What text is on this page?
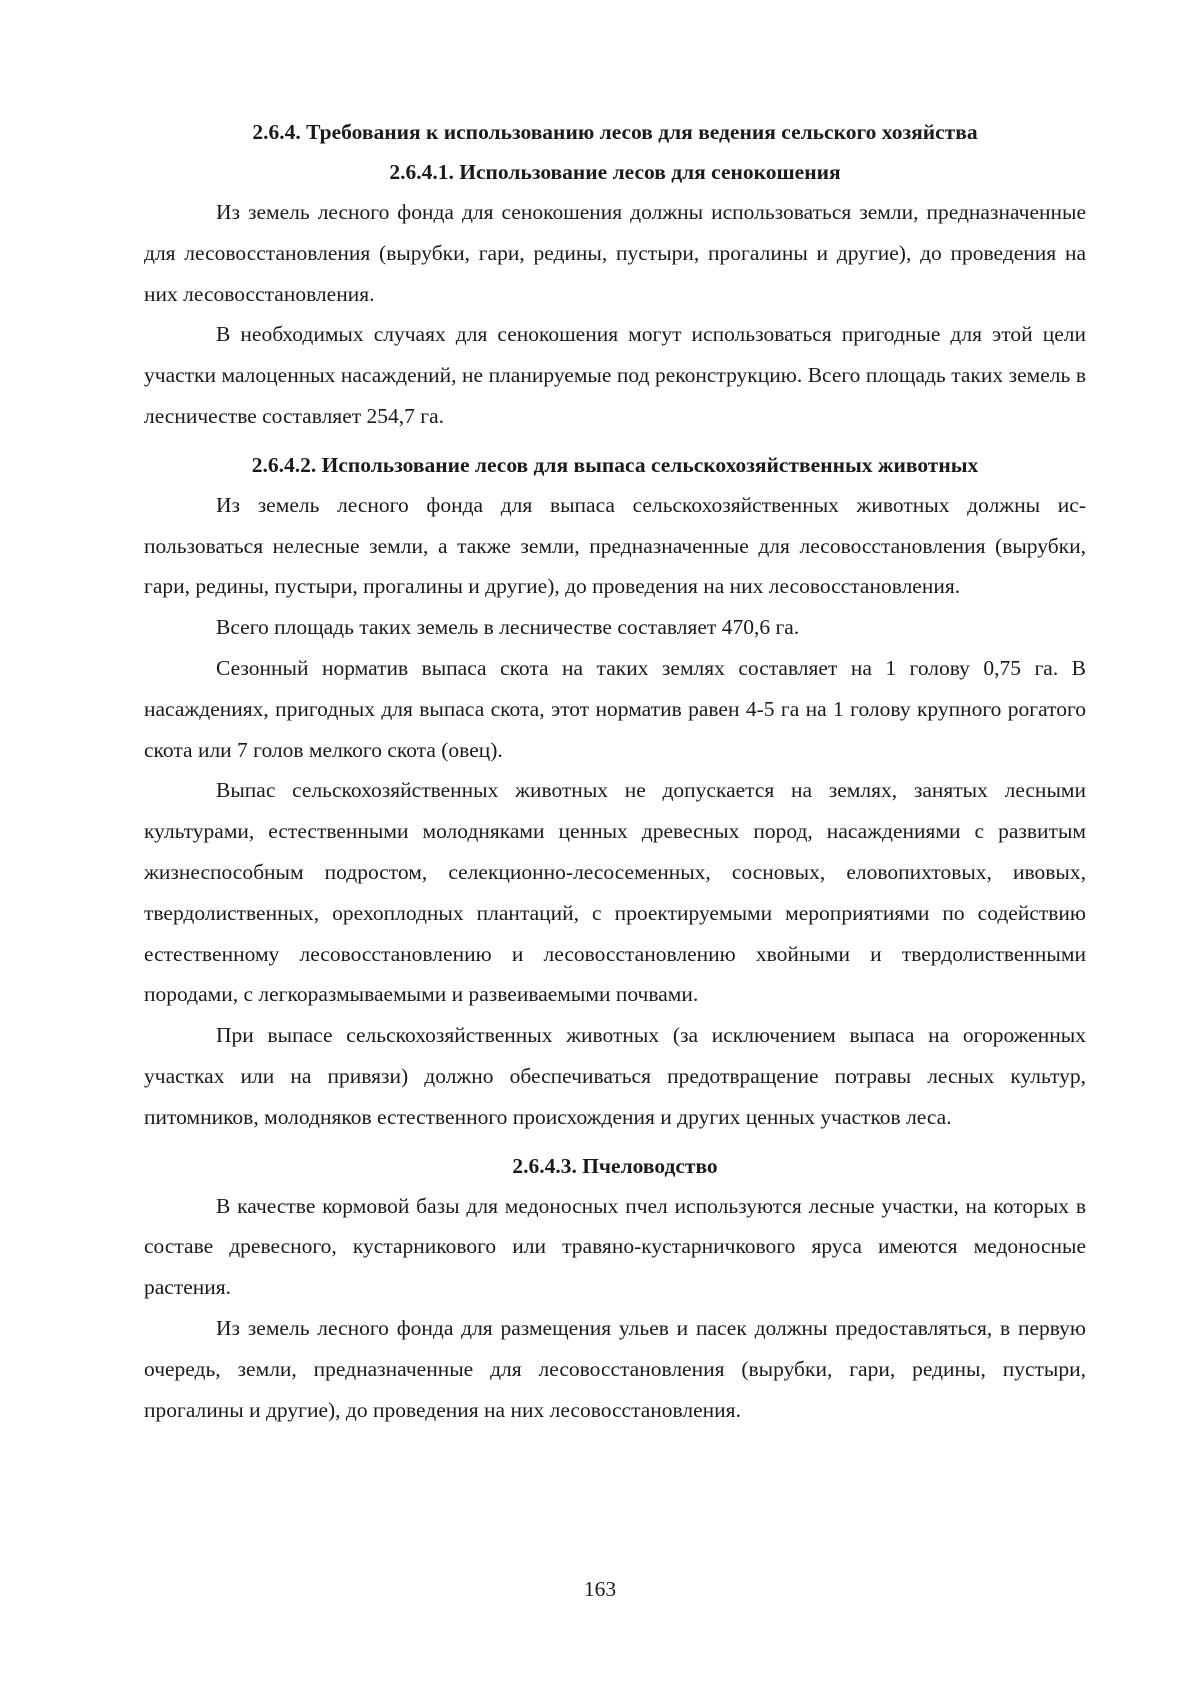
2.6.4. Требования к использованию лесов для ведения сельского хозяйства

2.6.4.1. Использование лесов для сенокошения

Из земель лесного фонда для сенокошения должны использоваться земли, предназначенные для лесовосстановления (вырубки, гари, редины, пустыри, прогалины и другие), до проведения на них лесовосстановления.

В необходимых случаях для сенокошения могут использоваться пригодные для этой цели участки малоценных насаждений, не планируемые под реконструкцию. Всего площадь таких земель в лесничестве составляет 254,7 га.

2.6.4.2. Использование лесов для выпаса сельскохозяйственных животных

Из земель лесного фонда для выпаса сельскохозяйственных животных должны использоваться нелесные земли, а также земли, предназначенные для лесовосстановления (вырубки, гари, редины, пустыри, прогалины и другие), до проведения на них лесовосстановления.

Всего площадь таких земель в лесничестве составляет 470,6 га.

Сезонный норматив выпаса скота на таких землях составляет на 1 голову 0,75 га. В насаждениях, пригодных для выпаса скота, этот норматив равен 4-5 га на 1 голову крупного рогатого скота или 7 голов мелкого скота (овец).

Выпас сельскохозяйственных животных не допускается на землях, занятых лесными культурами, естественными молодняками ценных древесных пород, насаждениями с развитым жизнеспособным подростом, селекционно-лесосеменных, сосновых, еловопихтовых, ивовых, твердолиственных, орехоплодных плантаций, с проектируемыми мероприятиями по содействию естественному лесовосстановлению и лесовосстановлению хвойными и твердолиственными породами, с легкоразмываемыми и развеиваемыми почвами.

При выпасе сельскохозяйственных животных (за исключением выпаса на огороженных участках или на привязи) должно обеспечиваться предотвращение потравы лесных культур, питомников, молодняков естественного происхождения и других ценных участков леса.

2.6.4.3. Пчеловодство

В качестве кормовой базы для медоносных пчел используются лесные участки, на которых в составе древесного, кустарникового или травяно-кустарничкового яруса имеются медоносные растения.

Из земель лесного фонда для размещения ульев и пасек должны предоставляться, в первую очередь, земли, предназначенные для лесовосстановления (вырубки, гари, редины, пустыри, прогалины и другие), до проведения на них лесовосстановления.

163
